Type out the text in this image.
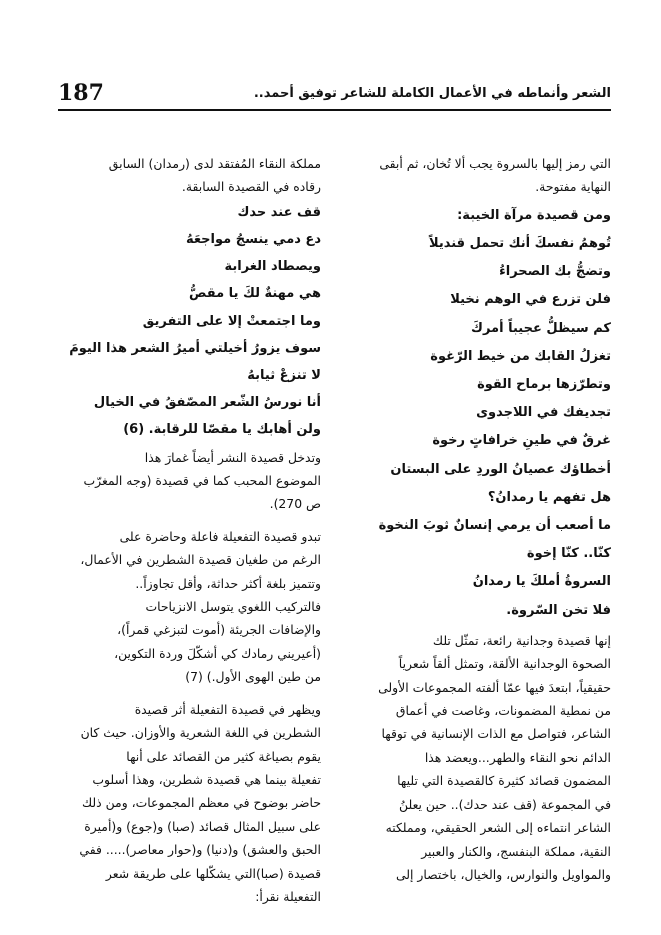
187	الشعر وأنماطه في الأعمال الكاملة للشاعر توفيق أحمد..

التي رمز إليها بالسروة يجب ألا تُخان، ثم أبقى

النهاية مفتوحة.

ومن قصيدة مرآة الخيبة:

تُوهمُ نفسكَ أنك تحمل قنديلاً

وتضجُّ بك الصحراءُ

فلن تزرع في الوهم نخيلا

كم سيظلُّ عجيباً أمركَ

تغزلُ القابك من خيط الرّغوة

وتطرّزها برماح القوة

تجديفك في اللاجدوى

غرقٌ في طينِ خرافاتٍ رخوة

أخطاؤك عصيانُ الوردِ على البستان

هل تفهم يا رمدانُ؟

ما أصعب أن يرمي إنسانٌ ثوبَ النخوة

كنّا.. كنّا إخوة

السروةُ أملكَ يا رمدانُ

فلا تخن السّروة.

إنها قصيدة وجدانية رائعة، تمثّل تلك

الصحوة الوجدانية الألقة، وتمثل ألقاً شعرياً

حقيقياً، ابتعدَ فيها عمّا ألفته المجموعات الأولى

من نمطية المضمونات، وغاصت في أعماق

الشاعر، فتواصل مع الذات الإنسانية في توقها

الدائم نحو النقاء والطهر...ويعضد هذا

المضمون قصائد كثيرة كالقصيدة التي تليها

في المجموعة (قف عند حدك).. حين يعلنُ

الشاعر انتماءه إلى الشعر الحقيقي، ومملكته

النقية، مملكة البنفسج، والكنار والعبير

والمواويل والنوارس، والخيال، باختصار إلى

مملكة النقاء المُفتقد لدى (رمدان) السابق

رقاده في القصيدة السابقة.

قف عند حدك

دع دمي ينسجُ مواجعَهُ

ويصطاد الغرابة

هي مهنةٌ لكَ يا مقصُّ

وما اجتمعتْ إلا على التفريق

سوف يزورُ أخيلتي أميرُ الشعر هذا اليومَ

لا تنزعْ ثيابهُ

أنا نورسُ الشّعر المصّفقُ في الخيال

ولن أهابك يا مقصّا للرقابة. (6)

وتدخل قصيدة النشر أيضاً غمارَ هذا

الموضوع المحبب كما في قصيدة (وجه المغرّب

ص 270).

تبدو قصيدة التفعيلة فاعلة وحاضرة على

الرغم من طغيان قصيدة الشطرين في الأعمال،

وتتميز بلغة أكثر حداثة، وأقل تجاوزاً..

فالتركيب اللغوي يتوسل الانزياحات

والإضافات الجريئة (أموت لتبزغي قمراً)،

(أعيريني رمادك كي أشكّلَ وردة التكوين،

من طين الهوى الأول.) (7)

ويظهر في قصيدة التفعيلة أثر قصيدة

الشطرين في اللغة الشعرية والأوزان. حيث كان

يقوم بصياغة كثير من القصائد على أنها

تفعيلة بينما هي قصيدة شطرين، وهذا أسلوب

حاضر بوضوح في معظم المجموعات، ومن ذلك

على سبيل المثال قصائد (صبا) و(جوع) و(أميرة

الحبق والعشق) و(دنيا) و(حوار معاصر)..... ففي

قصيدة (صبا)التي يشكّلها على طريقة شعر

التفعيلة نقرأ:
